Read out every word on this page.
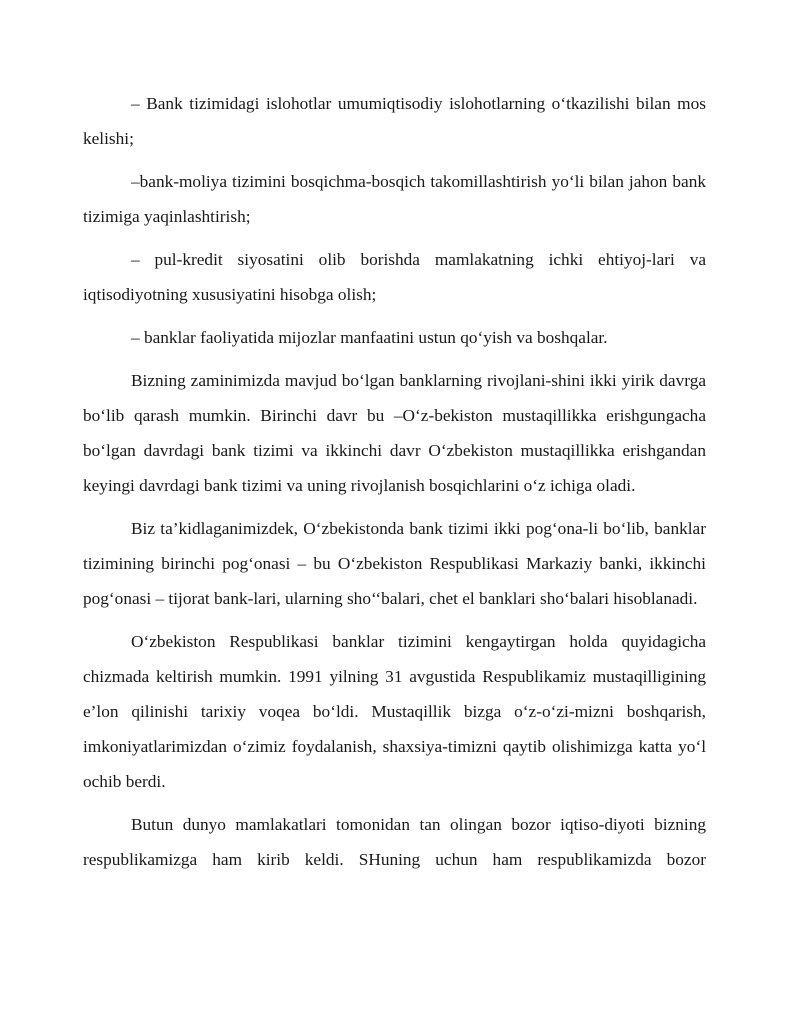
– Bank tizimidagi islohotlar umumiqtisodiy islohotlarning o‘tkazilishi bilan mos kelishi;

–bank-moliya tizimini bosqichma-bosqich takomillashtirish yo‘li bilan jahon bank tizimiga yaqinlashtirish;

– pul-kredit siyosatini olib borishda mamlakatning ichki ehtiyoj-lari va iqtisodiyotning xususiyatini hisobga olish;

– banklar faoliyatida mijozlar manfaatini ustun qo‘yish va boshqalar.

Bizning zaminimizda mavjud bo‘lgan banklarning rivojlani-shini ikki yirik davrga bo‘lib qarash mumkin. Birinchi davr bu –O‘z-bekiston mustaqillikka erishgungacha bo‘lgan davrdagi bank tizimi va ikkinchi davr O‘zbekiston mustaqillikka erishgandan keyingi davrdagi bank tizimi va uning rivojlanish bosqichlarini o‘z ichiga oladi.

Biz ta’kidlaganimizdek, O‘zbekistonda bank tizimi ikki pog‘ona-li bo‘lib, banklar tizimining birinchi pog‘onasi – bu O‘zbekiston Respublikasi Markaziy banki, ikkinchi pog‘onasi – tijorat bank-lari, ularning sho‘‘balari, chet el banklari sho‘balari hisoblanadi.

O‘zbekiston Respublikasi banklar tizimini kengaytirgan holda quyidagicha chizmada keltirish mumkin. 1991 yilning 31 avgustida Respublikamiz mustaqilligining e’lon qilinishi tarixiy voqea bo‘ldi. Mustaqillik bizga o‘z-o‘zi-mizni boshqarish, imkoniyatlarimizdan o‘zimiz foydalanish, shaxsiya-timizni qaytib olishimizga katta yo‘l ochib berdi.

Butun dunyo mamlakatlari tomonidan tan olingan bozor iqtiso-diyoti bizning respublikamizga ham kirib keldi. SHuning uchun ham respublikamizda bozor
